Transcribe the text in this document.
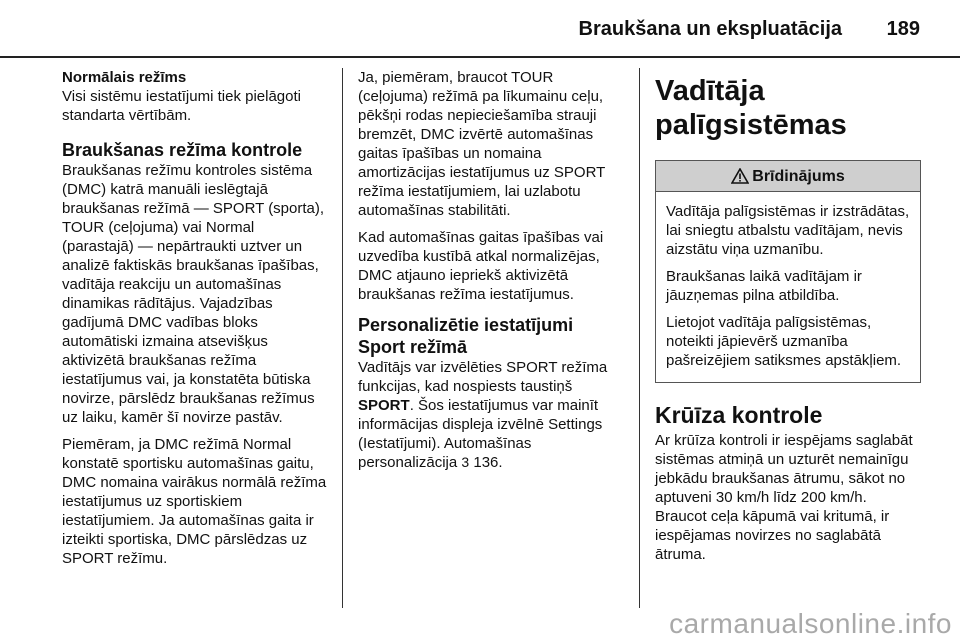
Braukšana un ekspluatācija 189
Normālais režīms

Visi sistēmu iestatījumi tiek pielāgoti standarta vērtībām.

Braukšanas režīma kontrole

Braukšanas režīmu kontroles sistēma (DMC) katrā manuāli ieslēgtajā braukšanas režīmā — SPORT (sporta), TOUR (ceļojuma) vai Normal (parastajā) — nepārtraukti uztver un analizē faktiskās braukšanas īpašības, vadītāja reakciju un automašīnas dinamikas rādītājus. Vajadzības gadījumā DMC vadības bloks automātiski izmaina atsevišķus aktivizētā braukšanas režīma iestatījumus vai, ja konstatēta būtiska novirze, pārslēdz braukšanas režīmus uz laiku, kamēr šī novirze pastāv.

Piemēram, ja DMC režīmā Normal konstatē sportisku automašīnas gaitu, DMC nomaina vairākus normālā režīma iestatījumus uz sportiskiem iestatījumiem. Ja automašīnas gaita ir izteikti sportiska, DMC pārslēdzas uz SPORT režīmu.

Ja, piemēram, braucot TOUR (ceļojuma) režīmā pa līkumainu ceļu, pēkšņi rodas nepieciešamība strauji bremzēt, DMC izvērtē automašīnas gaitas īpašības un nomaina amortizācijas iestatījumus uz SPORT režīma iestatījumiem, lai uzlabotu automašīnas stabilitāti.

Kad automašīnas gaitas īpašības vai uzvedība kustībā atkal normalizējas, DMC atjauno iepriekš aktivizētā braukšanas režīma iestatījumus.

Personalizētie iestatījumi Sport režīmā

Vadītājs var izvēlēties SPORT režīma funkcijas, kad nospiests taustiņš SPORT. Šos iestatījumus var mainīt informācijas displeja izvēlnē Settings (Iestatījumi). Automašīnas personalizācija 3 136.

Vadītāja palīgsistēmas
Brīdinājums

Vadītāja palīgsistēmas ir izstrādātas, lai sniegtu atbalstu vadītājam, nevis aizstātu viņa uzmanību.

Braukšanas laikā vadītājam ir jāuzņemas pilna atbildība.

Lietojot vadītāja palīgsistēmas, noteikti jāpievērš uzmanība pašreizējiem satiksmes apstākļiem.

Krūīza kontrole

Ar krūīza kontroli ir iespējams saglabāt sistēmas atmiņā un uzturēt nemainīgu jebkādu braukšanas ātrumu, sākot no aptuveni 30 km/h līdz 200 km/h. Braucot ceļa kāpumā vai kritumā, ir iespējamas novirzes no saglabātā ātruma.

carmanualsonline.info
